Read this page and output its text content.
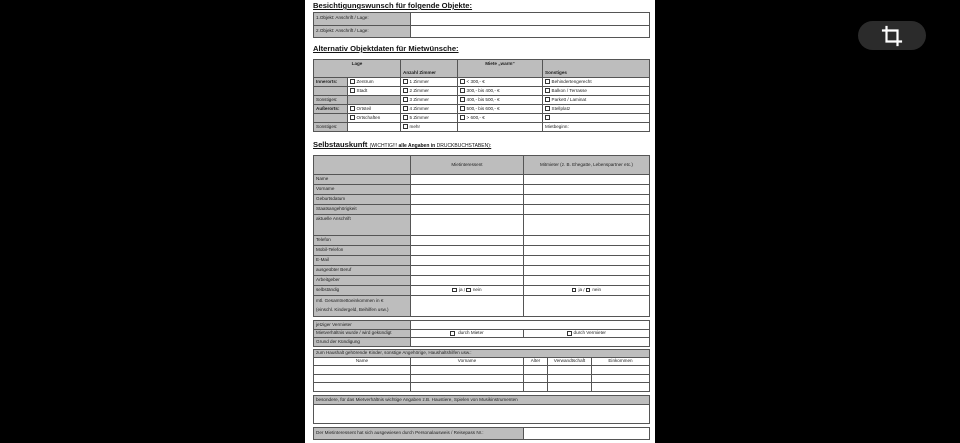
Besichtigungswunsch für folgende Objekte:
1.Objekt: Anschrift / Lage:	
2.Objekt: Anschrift / Lage:	
Alternativ Objektdaten für Mietwünsche:
Lage		Anzahl Zimmer	Miete „warm“	Sonstiges
Innerorts:	Zentrum	1 Zimmer	< 300,- €	Behindertengerecht
	Stadt	2 Zimmer	300,- bis 400,- €	Balkon / Terrasse
Sonstiges:		3 Zimmer	400,- bis 500,- €	Parkett / Laminat
Außerorts:	Ortsteil	4 Zimmer	500,- bis 600,- €	Stellplatz
	Ortschaften	5 Zimmer	> 600,- €	
Sonstiges:		mehr		Mietbeginn:
Selbstauskunft (WICHTIG!!! alle Angaben in DRUCKBUCHSTABEN):
	Mietinteressent	Mitmieter (z. B. Ehegatte, Lebenspartner etc.)
Name		
Vorname		
Geburtsdatum		
Staatsangehörigkeit		
aktuelle Anschrift		
Telefon		
Mobil-Telefon		
E-Mail		
ausgeübter Beruf		
Arbeitgeber		
selbständig	ja / nein	ja / nein

mtl. Gesamtnettoeinkommen in €
(einschl. Kindergeld, Beihilfen usw.)		

jetziger Vermieter		
Mietverhältnis wurde / wird gekündigt	durch Mieter	durch Vermieter
Grund der Kündigung		
zum Haushalt gehörende Kinder, sonstige Angehörige, Haushaltshilfen usw.:				
Name	Vorname	Alter	Verwandtschaft	Einkommen

besondere, für das Mietverhältnis wichtige Angaben z.B. Haustiere, Spielen von Musikinstrumenten

Der Mietinteressent hat sich ausgewiesen durch Personalausweis / Reisepass Nr.:	
